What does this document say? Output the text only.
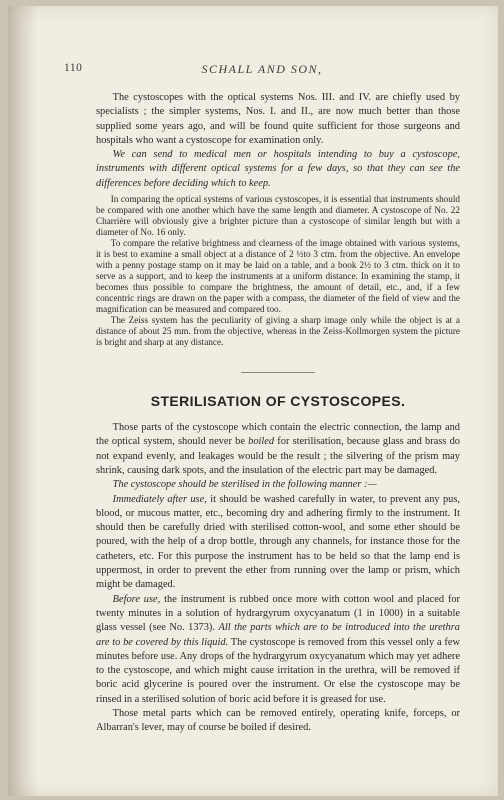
110	SCHALL AND SON,

The cystoscopes with the optical systems Nos. III. and IV. are chiefly used by specialists ; the simpler systems, Nos. I. and II., are now much better than those supplied some years ago, and will be found quite sufficient for those surgeons and hospitals who want a cystoscope for examination only.

We can send to medical men or hospitals intending to buy a cystoscope, instruments with different optical systems for a few days, so that they can see the differences before deciding which to keep.

In comparing the optical systems of various cystoscopes, it is essential that instruments should be compared with one another which have the same length and diameter. A cystoscope of No. 22 Charrière will obviously give a brighter picture than a cystoscope of similar length but with a diameter of No. 16 only.

To compare the relative brightness and clearness of the image obtained with various systems, it is best to examine a small object at a distance of 2 ½to 3 ctm. from the objective. An envelope with a penny postage stamp on it may be laid on a table, and a book 2½ to 3 ctm. thick on it to serve as a support, and to keep the instruments at a uniform distance. In examining the stamp, it becomes thus possible to compare the brightness, the amount of detail, etc., and, if a few concentric rings are drawn on the paper with a compass, the diameter of the field of view and the magnification can be measured and compared too.

The Zeiss system has the peculiarity of giving a sharp image only while the object is at a distance of about 25 mm. from the objective, whereas in the Zeiss-Kollmorgen system the picture is bright and sharp at any distance.

STERILISATION OF CYSTOSCOPES.

Those parts of the cystoscope which contain the electric connection, the lamp and the optical system, should never be boiled for sterilisation, because glass and brass do not expand evenly, and leakages would be the result ; the silvering of the prism may shrink, causing dark spots, and the insulation of the electric part may be damaged.

The cystoscope should be sterilised in the following manner :—

Immediately after use, it should be washed carefully in water, to prevent any pus, blood, or mucous matter, etc., becoming dry and adhering firmly to the instrument. It should then be carefully dried with sterilised cotton-wool, and some ether should be poured, with the help of a drop bottle, through any channels, for instance those for the catheters, etc. For this purpose the instrument has to be held so that the lamp end is uppermost, in order to prevent the ether from running over the lamp or prism, which might be damaged.

Before use, the instrument is rubbed once more with cotton wool and placed for twenty minutes in a solution of hydrargyrum oxycyanatum (1 in 1000) in a suitable glass vessel (see No. 1373). All the parts which are to be introduced into the urethra are to be covered by this liquid. The cystoscope is removed from this vessel only a few minutes before use. Any drops of the hydrargyrum oxycyanatum which may yet adhere to the cystoscope, and which might cause irritation in the urethra, will be removed if boric acid glycerine is poured over the instrument. Or else the cystoscope may be rinsed in a sterilised solution of boric acid before it is greased for use.

Those metal parts which can be removed entirely, operating knife, forceps, or Albarran's lever, may of course be boiled if desired.
